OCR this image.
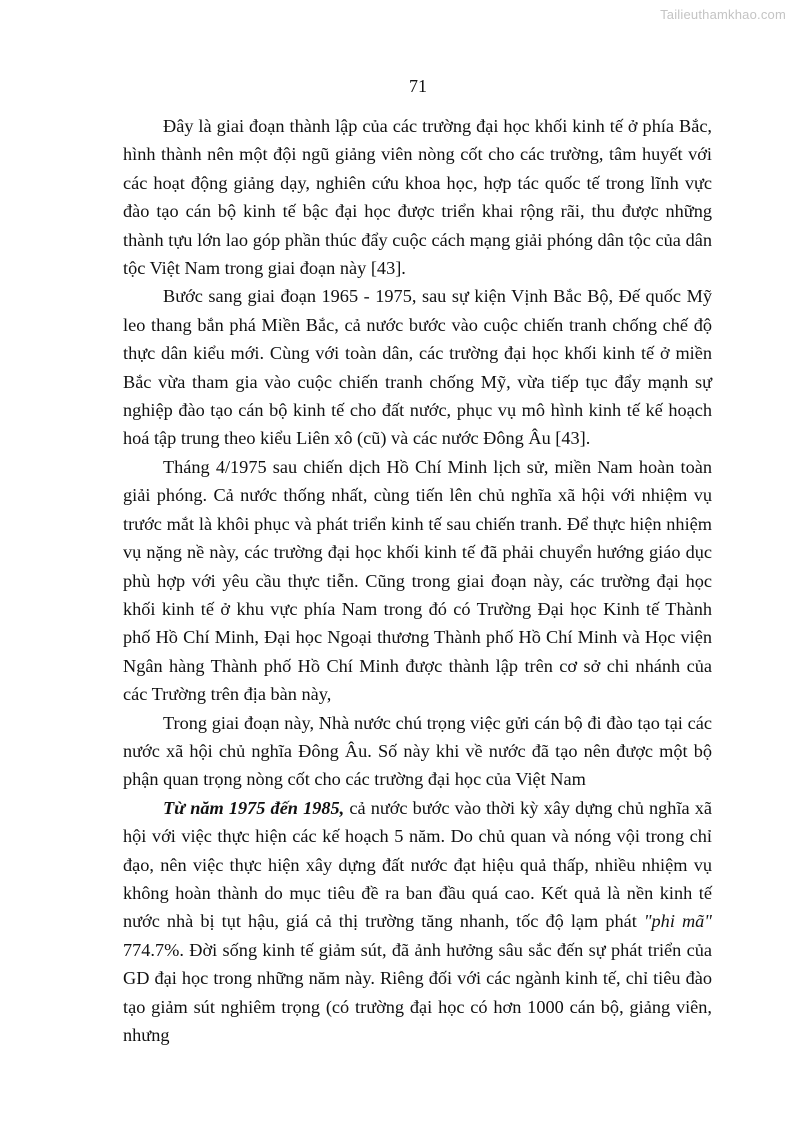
Tailieuthamkhao.com
71

Đây là giai đoạn thành lập của các trường đại học khối kinh tế ở phía Bắc, hình thành nên một đội ngũ giảng viên nòng cốt cho các trường, tâm huyết với các hoạt động giảng dạy, nghiên cứu khoa học, hợp tác quốc tế trong lĩnh vực đào tạo cán bộ kinh tế bậc đại học được triển khai rộng rãi, thu được những thành tựu lớn lao góp phần thúc đẩy cuộc cách mạng giải phóng dân tộc của dân tộc Việt Nam trong giai đoạn này [43].

Bước sang giai đoạn 1965 - 1975, sau sự kiện Vịnh Bắc Bộ, Đế quốc Mỹ leo thang bắn phá Miền Bắc, cả nước bước vào cuộc chiến tranh chống chế độ thực dân kiểu mới. Cùng với toàn dân, các trường đại học khối kinh tế ở miền Bắc vừa tham gia vào cuộc chiến tranh chống Mỹ, vừa tiếp tục đẩy mạnh sự nghiệp đào tạo cán bộ kinh tế cho đất nước, phục vụ mô hình kinh tế kế hoạch hoá tập trung theo kiểu Liên xô (cũ) và các nước Đông Âu [43].

Tháng 4/1975 sau chiến dịch Hồ Chí Minh lịch sử, miền Nam hoàn toàn giải phóng. Cả nước thống nhất, cùng tiến lên chủ nghĩa xã hội với nhiệm vụ trước mắt là khôi phục và phát triển kinh tế sau chiến tranh. Để thực hiện nhiệm vụ nặng nề này, các trường đại học khối kinh tế đã phải chuyển hướng giáo dục phù hợp với yêu cầu thực tiễn. Cũng trong giai đoạn này, các trường đại học khối kinh tế ở khu vực phía Nam trong đó có Trường Đại học Kinh tế Thành phố Hồ Chí Minh, Đại học Ngoại thương Thành phố Hồ Chí Minh và Học viện Ngân hàng Thành phố Hồ Chí Minh được thành lập trên cơ sở chi nhánh của các Trường trên địa bàn này,

Trong giai đoạn này, Nhà nước chú trọng việc gửi cán bộ đi đào tạo tại các nước xã hội chủ nghĩa Đông Âu. Số này khi về nước đã tạo nên được một bộ phận quan trọng nòng cốt cho các trường đại học của Việt Nam

Từ năm 1975 đến 1985, cả nước bước vào thời kỳ xây dựng chủ nghĩa xã hội với việc thực hiện các kế hoạch 5 năm. Do chủ quan và nóng vội trong chỉ đạo, nên việc thực hiện xây dựng đất nước đạt hiệu quả thấp, nhiều nhiệm vụ không hoàn thành do mục tiêu đề ra ban đầu quá cao. Kết quả là nền kinh tế nước nhà bị tụt hậu, giá cả thị trường tăng nhanh, tốc độ lạm phát "phi mã" 774.7%. Đời sống kinh tế giảm sút, đã ảnh hưởng sâu sắc đến sự phát triển của GD đại học trong những năm này. Riêng đối với các ngành kinh tế, chỉ tiêu đào tạo giảm sút nghiêm trọng (có trường đại học có hơn 1000 cán bộ, giảng viên, nhưng
